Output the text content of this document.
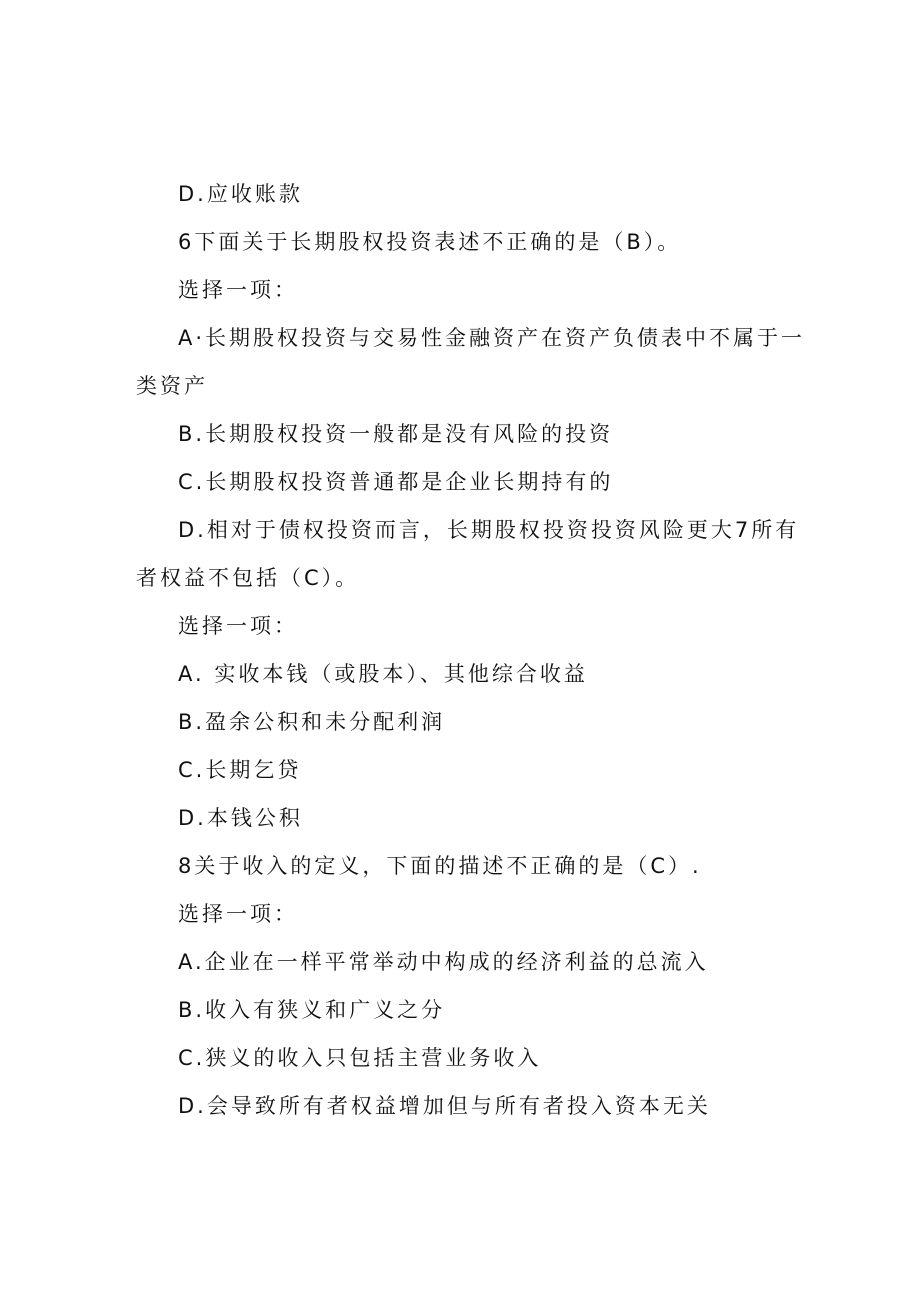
D.应收账款
6下面关于长期股权投资表述不正确的是（B）。
选择一项：
A·长期股权投资与交易性金融资产在资产负债表中不属于一
类资产
B.长期股权投资一般都是没有风险的投资
C.长期股权投资普通都是企业长期持有的
D.相对于债权投资而言，长期股权投资投资风险更大7所有
者权益不包括（C）。
选择一项：
A. 实收本钱（或股本）、其他综合收益
B.盈余公积和未分配利润
C.长期乞贷
D.本钱公积
8关于收入的定义，下面的描述不正确的是（C）.
选择一项：
A.企业在一样平常举动中构成的经济利益的总流入
B.收入有狭义和广义之分
C.狭义的收入只包括主营业务收入
D.会导致所有者权益增加但与所有者投入资本无关
